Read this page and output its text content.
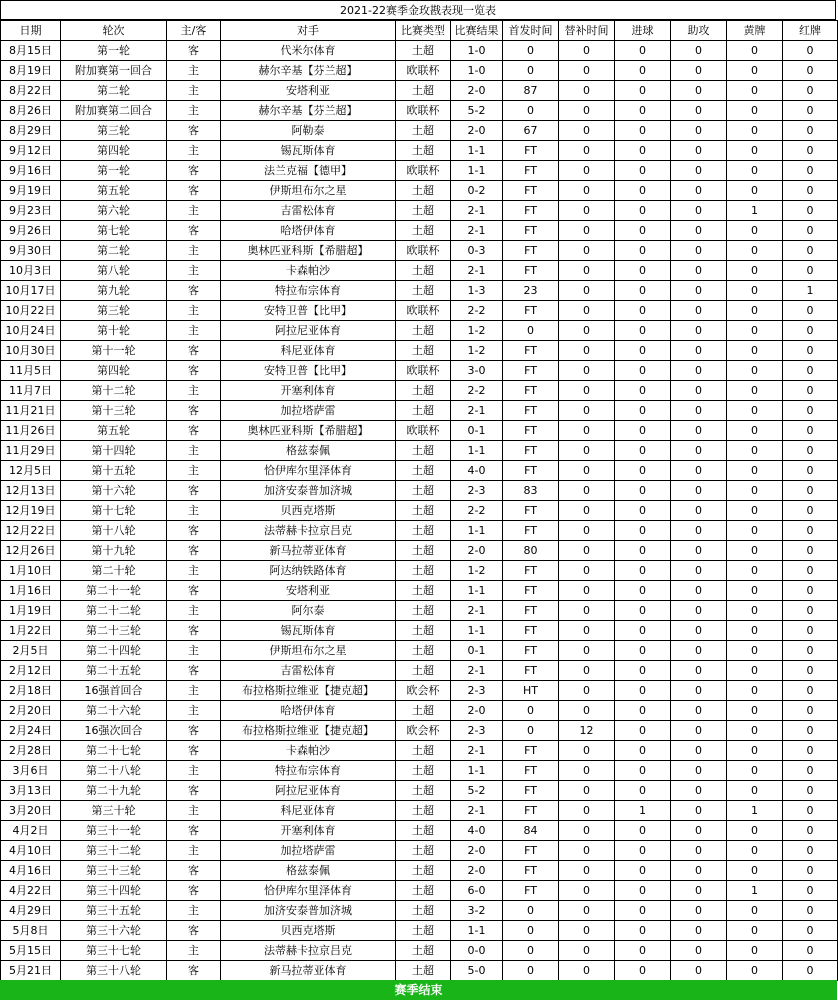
2021-22赛季金玫戡表现一览表
日期	轮次	主/客	对手	比赛类型	比赛结果	首发时间	替补时间	进球	助攻	黄牌	红牌
8月15日	第一轮	客	代米尔体育	土超	1-0	0	0	0	0	0	0
8月19日	附加赛第一回合	主	赫尔辛基【芬兰超】	欧联杯	1-0	0	0	0	0	0	0
8月22日	第二轮	主	安塔利亚	土超	2-0	87	0	0	0	0	0
8月26日	附加赛第二回合	主	赫尔辛基【芬兰超】	欧联杯	5-2	0	0	0	0	0	0
8月29日	第三轮	客	阿勒泰	土超	2-0	67	0	0	0	0	0
9月12日	第四轮	主	锡瓦斯体育	土超	1-1	FT	0	0	0	0	0
9月16日	第一轮	客	法兰克福【德甲】	欧联杯	1-1	FT	0	0	0	0	0
9月19日	第五轮	客	伊斯坦布尔之星	土超	0-2	FT	0	0	0	0	0
9月23日	第六轮	主	吉雷松体育	土超	2-1	FT	0	0	0	1	0
9月26日	第七轮	客	哈塔伊体育	土超	2-1	FT	0	0	0	0	0
9月30日	第二轮	主	奥林匹亚科斯【希腊超】	欧联杯	0-3	FT	0	0	0	0	0
10月3日	第八轮	主	卡森帕沙	土超	2-1	FT	0	0	0	0	0
10月17日	第九轮	客	特拉布宗体育	土超	1-3	23	0	0	0	0	1
10月22日	第三轮	主	安特卫普【比甲】	欧联杯	2-2	FT	0	0	0	0	0
10月24日	第十轮	主	阿拉尼亚体育	土超	1-2	0	0	0	0	0	0
10月30日	第十一轮	客	科尼亚体育	土超	1-2	FT	0	0	0	0	0
11月5日	第四轮	客	安特卫普【比甲】	欧联杯	3-0	FT	0	0	0	0	0
11月7日	第十二轮	主	开塞利体育	土超	2-2	FT	0	0	0	0	0
11月21日	第十三轮	客	加拉塔萨雷	土超	2-1	FT	0	0	0	0	0
11月26日	第五轮	客	奥林匹亚科斯【希腊超】	欧联杯	0-1	FT	0	0	0	0	0
11月29日	第十四轮	主	格兹泰佩	土超	1-1	FT	0	0	0	0	0
12月5日	第十五轮	主	恰伊库尔里泽体育	土超	4-0	FT	0	0	0	0	0
12月13日	第十六轮	客	加济安泰普加济城	土超	2-3	83	0	0	0	0	0
12月19日	第十七轮	主	贝西克塔斯	土超	2-2	FT	0	0	0	0	0
12月22日	第十八轮	客	法蒂赫卡拉京吕克	土超	1-1	FT	0	0	0	0	0
12月26日	第十九轮	客	新马拉蒂亚体育	土超	2-0	80	0	0	0	0	0
1月10日	第二十轮	主	阿达纳铁路体育	土超	1-2	FT	0	0	0	0	0
1月16日	第二十一轮	客	安塔利亚	土超	1-1	FT	0	0	0	0	0
1月19日	第二十二轮	主	阿尔泰	土超	2-1	FT	0	0	0	0	0
1月22日	第二十三轮	客	锡瓦斯体育	土超	1-1	FT	0	0	0	0	0
2月5日	第二十四轮	主	伊斯坦布尔之星	土超	0-1	FT	0	0	0	0	0
2月12日	第二十五轮	客	吉雷松体育	土超	2-1	FT	0	0	0	0	0
2月18日	16强首回合	主	布拉格斯拉维亚【捷克超】	欧会杯	2-3	HT	0	0	0	0	0
2月20日	第二十六轮	主	哈塔伊体育	土超	2-0	0	0	0	0	0	0
2月24日	16强次回合	客	布拉格斯拉维亚【捷克超】	欧会杯	2-3	0	12	0	0	0	0
2月28日	第二十七轮	客	卡森帕沙	土超	2-1	FT	0	0	0	0	0
3月6日	第二十八轮	主	特拉布宗体育	土超	1-1	FT	0	0	0	0	0
3月13日	第二十九轮	客	阿拉尼亚体育	土超	5-2	FT	0	0	0	0	0
3月20日	第三十轮	主	科尼亚体育	土超	2-1	FT	0	1	0	1	0
4月2日	第三十一轮	客	开塞利体育	土超	4-0	84	0	0	0	0	0
4月10日	第三十二轮	主	加拉塔萨雷	土超	2-0	FT	0	0	0	0	0
4月16日	第三十三轮	客	格兹泰佩	土超	2-0	FT	0	0	0	0	0
4月22日	第三十四轮	客	恰伊库尔里泽体育	土超	6-0	FT	0	0	0	1	0
4月29日	第三十五轮	主	加济安泰普加济城	土超	3-2	0	0	0	0	0	0
5月8日	第三十六轮	客	贝西克塔斯	土超	1-1	0	0	0	0	0	0
5月15日	第三十七轮	主	法蒂赫卡拉京吕克	土超	0-0	0	0	0	0	0	0
5月21日	第三十八轮	客	新马拉蒂亚体育	土超	5-0	0	0	0	0	0	0
赛季结束
